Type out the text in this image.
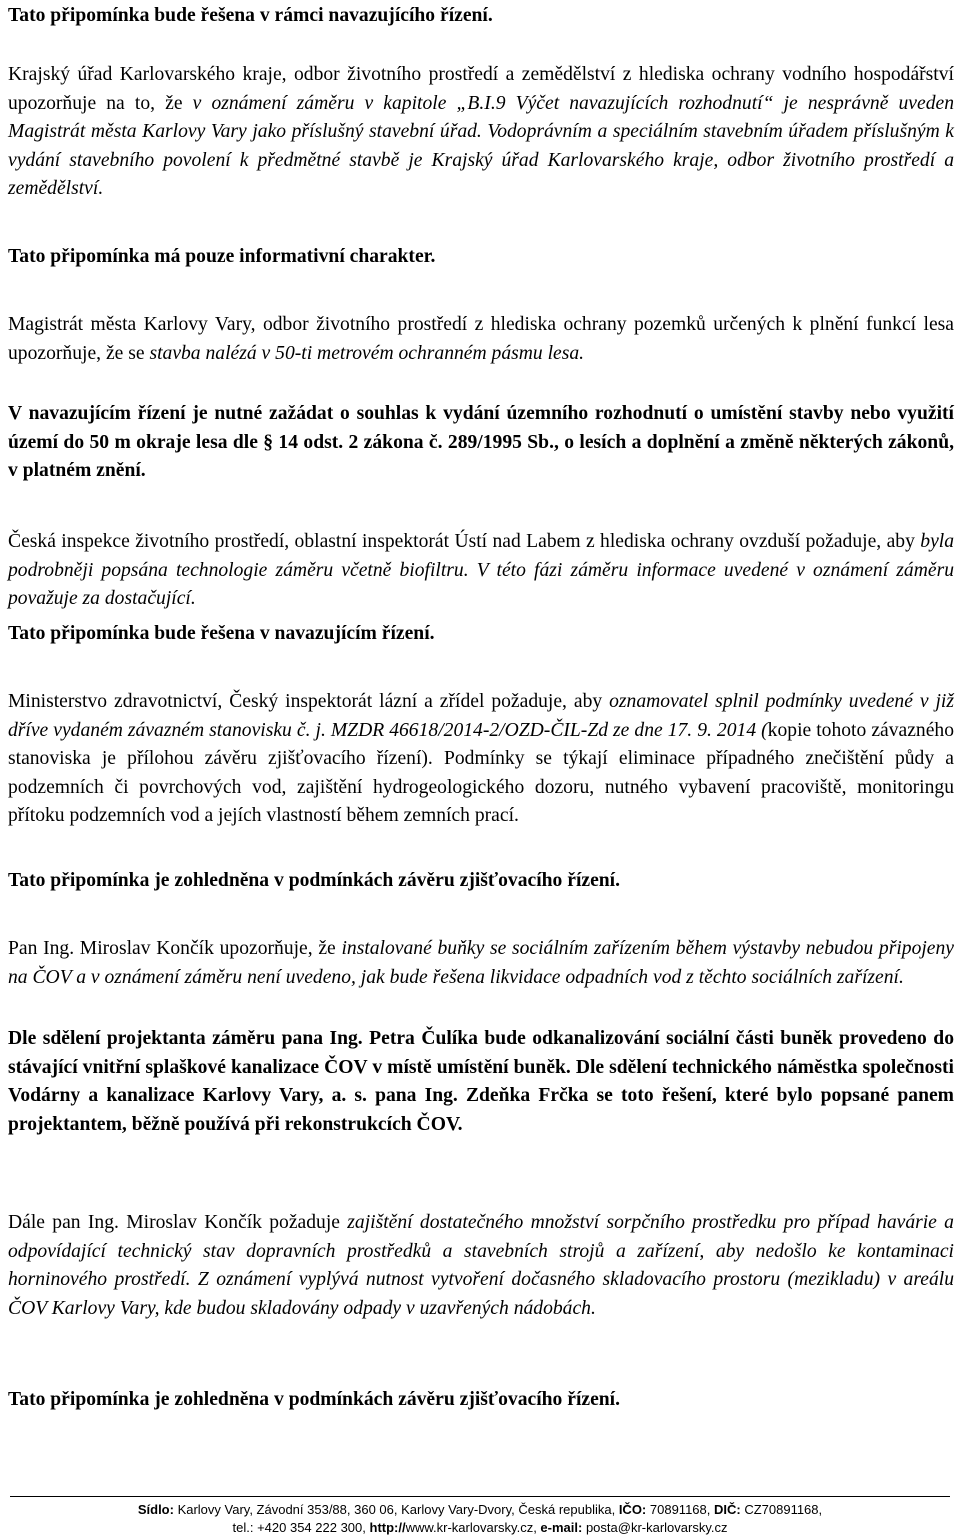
Tato připomínka bude řešena v rámci navazujícího řízení.

Krajský úřad Karlovarského kraje, odbor životního prostředí a zemědělství z hlediska ochrany vodního hospodářství upozorňuje na to, že v oznámení záměru v kapitole „B.I.9 Výčet navazujících rozhodnutí“ je nesprávně uveden Magistrát města Karlovy Vary jako příslušný stavební úřad. Vodoprávním a speciálním stavebním úřadem příslušným k vydání stavebního povolení k předmětné stavbě je Krajský úřad Karlovarského kraje, odbor životního prostředí a zemědělství.

Tato připomínka má pouze informativní charakter.

Magistrát města Karlovy Vary, odbor životního prostředí z hlediska ochrany pozemků určených k plnění funkcí lesa upozorňuje, že se stavba nalézá v 50-ti metrovém ochranném pásmu lesa.

V navazujícím řízení je nutné zažádat o souhlas k vydání územního rozhodnutí o umístění stavby nebo využití území do 50 m okraje lesa dle § 14 odst. 2 zákona č. 289/1995 Sb., o lesích a doplnění a změně některých zákonů, v platném znění.

Česká inspekce životního prostředí, oblastní inspektorát Ústí nad Labem z hlediska ochrany ovzduší požaduje, aby byla podrobněji popsána technologie záměru včetně biofiltru. V této fázi záměru informace uvedené v oznámení záměru považuje za dostačující.

Tato připomínka bude řešena v navazujícím řízení.

Ministerstvo zdravotnictví, Český inspektorát lázní a zřídel požaduje, aby oznamovatel splnil podmínky uvedené v již dříve vydaném závazném stanovisku č. j. MZDR 46618/2014-2/OZD-ČIL-Zd ze dne 17. 9. 2014 (kopie tohoto závazného stanoviska je přílohou závěru zjišťovacího řízení). Podmínky se týkají eliminace případného znečištění půdy a podzemních či povrchových vod, zajištění hydrogeologického dozoru, nutného vybavení pracoviště, monitoringu přítoku podzemních vod a jejích vlastností během zemních prací.

Tato připomínka je zohledněna v podmínkách závěru zjišťovacího řízení.

Pan Ing. Miroslav Končík upozorňuje, že instalované buňky se sociálním zařízením během výstavby nebudou připojeny na ČOV a v oznámení záměru není uvedeno, jak bude řešena likvidace odpadních vod z těchto sociálních zařízení.

Dle sdělení projektanta záměru pana Ing. Petra Čulíka bude odkanalizování sociální části buněk provedeno do stávající vnitřní splaškové kanalizace ČOV v místě umístění buněk. Dle sdělení technického náměstka společnosti Vodárny a kanalizace Karlovy Vary, a. s. pana Ing. Zdeňka Frčka se toto řešení, které bylo popsané panem projektantem, běžně používá při rekonstrukcích ČOV.

Dále pan Ing. Miroslav Končík požaduje zajištění dostatečného množství sorpčního prostředku pro případ havárie a odpovídající technický stav dopravních prostředků a stavebních strojů a zařízení, aby nedošlo ke kontaminaci horninového prostředí. Z oznámení vyplývá nutnost vytvoření dočasného skladovacího prostoru (mezikladu) v areálu ČOV Karlovy Vary, kde budou skladovány odpady v uzavřených nádobách.

Tato připomínka je zohledněna v podmínkách závěru zjišťovacího řízení.

Sídlo: Karlovy Vary, Závodní 353/88, 360 06, Karlovy Vary-Dvory, Česká republika, IČO: 70891168, DIČ: CZ70891168,
tel.: +420 354 222 300, http://www.kr-karlovarsky.cz, e-mail: posta@kr-karlovarsky.cz
